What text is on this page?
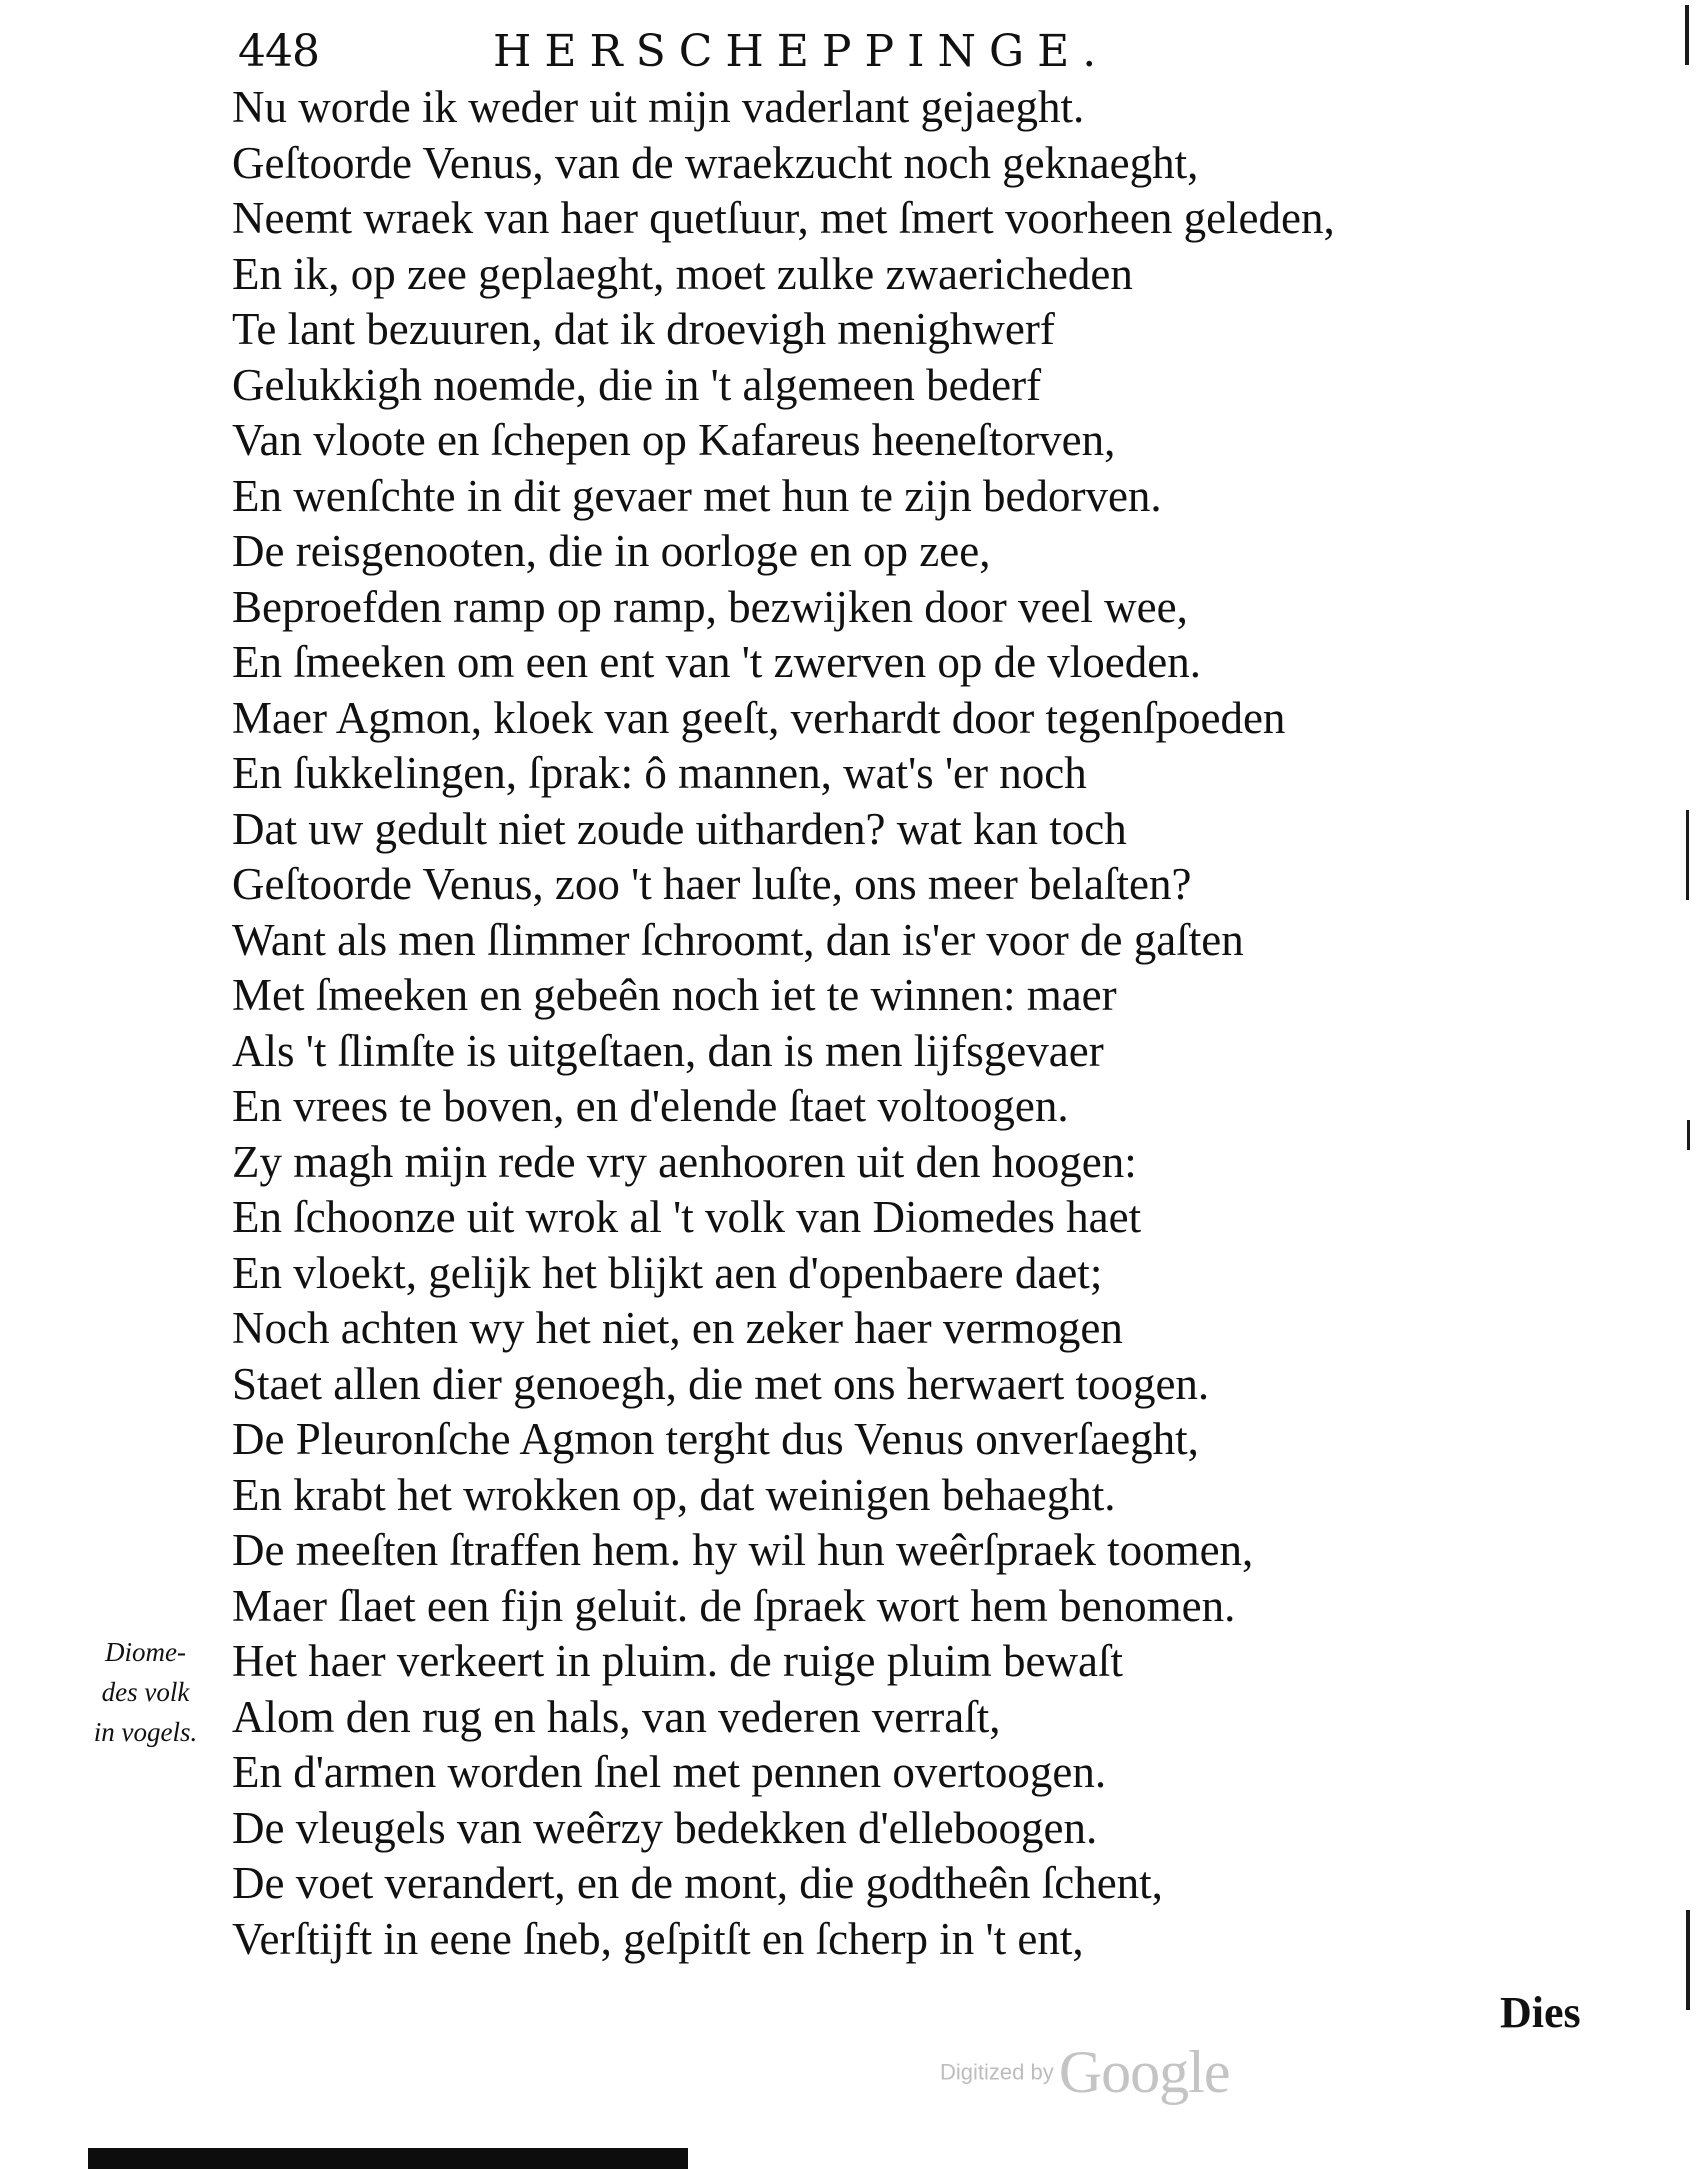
448	HERSCHEPPINGE.
Nu worde ik weder uit mijn vaderlant gejaeght.
Geſtoorde Venus, van de wraekzucht noch geknaeght,
Neemt wraek van haer quetſuur, met ſmert voorheen geleden,
En ik, op zee geplaeght, moet zulke zwaericheden
Te lant bezuuren, dat ik droevigh menighwerf
Gelukkigh noemde, die in 't algemeen bederf
Van vloote en ſchepen op Kafareus heeneſtorven,
En wenſchte in dit gevaer met hun te zijn bedorven.
De reisgenooten, die in oorloge en op zee,
Beproefden ramp op ramp, bezwijken door veel wee,
En ſmeeken om een ent van 't zwerven op de vloeden.
Maer Agmon, kloek van geeſt, verhardt door tegenſpoeden
En ſukkelingen, ſprak: ô mannen, wat's 'er noch
Dat uw gedult niet zoude uitharden? wat kan toch
Geſtoorde Venus, zoo 't haer luſte, ons meer belaſten?
Want als men ſlimmer ſchroomt, dan is'er voor de gaſten
Met ſmeeken en gebeên noch iet te winnen: maer
Als 't ſlimſte is uitgeſtaen, dan is men lijfsgevaer
En vrees te boven, en d'elende ſtaet voltoogen.
Zy magh mijn rede vry aenhooren uit den hoogen:
En ſchoonze uit wrok al 't volk van Diomedes haet
En vloekt, gelijk het blijkt aen d'openbaere daet;
Noch achten wy het niet, en zeker haer vermogen
Staet allen dier genoegh, die met ons herwaert toogen.
De Pleuronſche Agmon terght dus Venus onverſaeght,
En krabt het wrokken op, dat weinigen behaeght.
De meeſten ſtraffen hem. hy wil hun weêrſpraek toomen,
Maer ſlaet een fijn geluit. de ſpraek wort hem benomen.
Het haer verkeert in pluim. de ruige pluim bewaſt
Alom den rug en hals, van vederen verraſt,
En d'armen worden ſnel met pennen overtoogen.
De vleugels van weêrzy bedekken d'elleboogen.
De voet verandert, en de mont, die godtheên ſchent,
Verſtijft in eene ſneb, geſpitſt en ſcherp in 't ent,
Diome-
des volk
in vogels.
Dies
Digitized by Google
